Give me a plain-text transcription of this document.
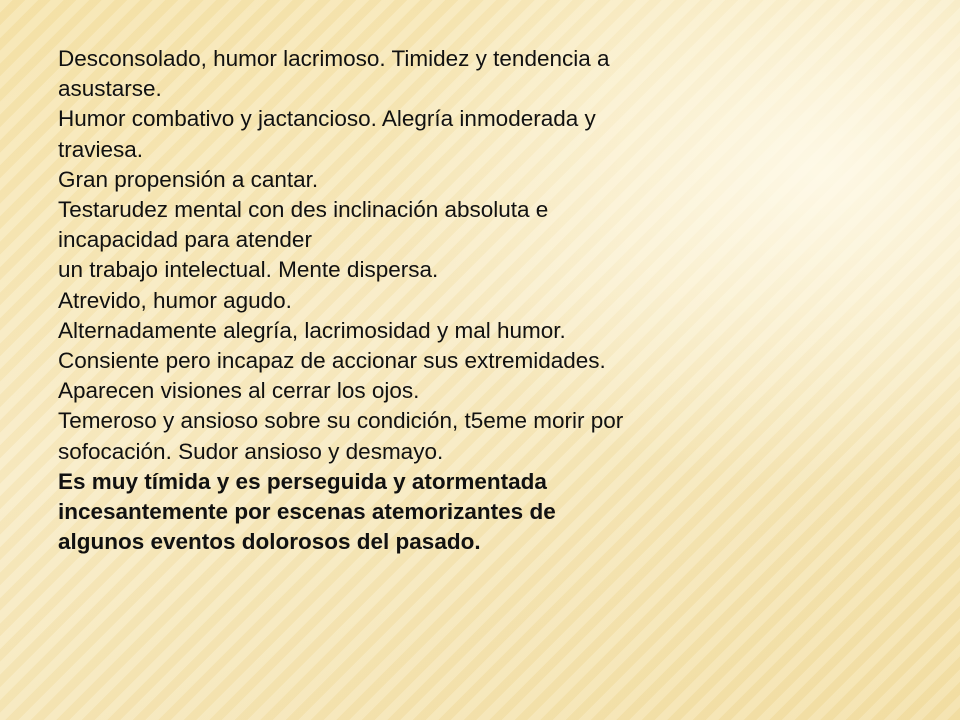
Desconsolado, humor lacrimoso. Timidez y tendencia a
asustarse.
Humor combativo y jactancioso. Alegría inmoderada y
traviesa.
Gran propensión a cantar.
Testarudez mental con des inclinación absoluta e
incapacidad para atender
un trabajo intelectual. Mente dispersa.
Atrevido, humor agudo.
Alternadamente alegría, lacrimosidad y mal humor.
Consiente pero incapaz de accionar sus extremidades.
Aparecen visiones al cerrar los ojos.
Temeroso y ansioso sobre su condición, t5eme morir por
sofocación. Sudor ansioso y desmayo.
Es muy tímida y es perseguida y atormentada
incesantemente por escenas atemorizantes de
algunos eventos dolorosos del pasado.
